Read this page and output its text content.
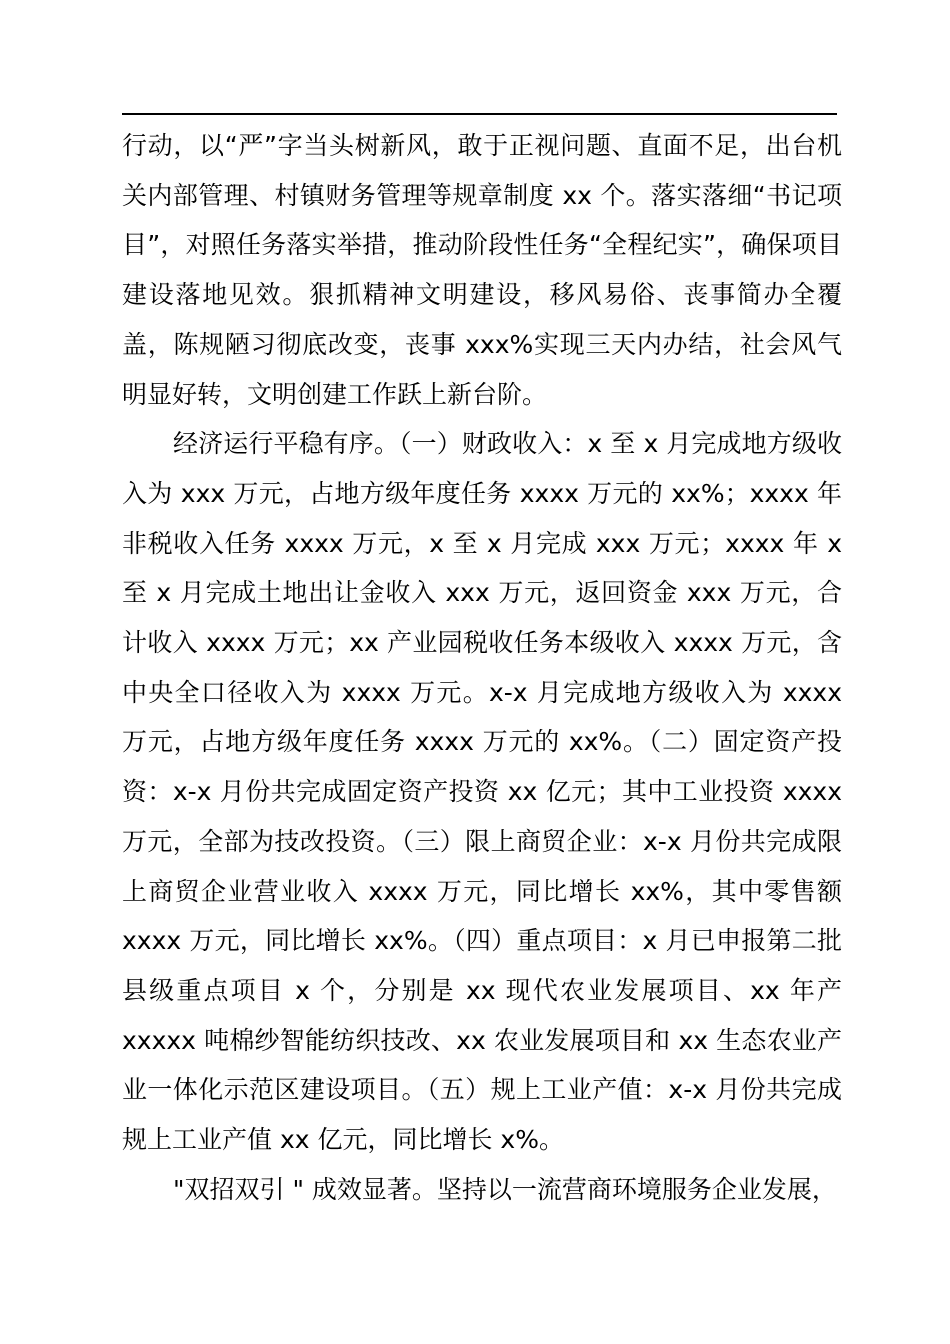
行动，以“严”字当头树新风，敢于正视问题、直面不足，出台机关内部管理、村镇财务管理等规章制度 xx 个。落实落细“书记项目”，对照任务落实举措，推动阶段性任务“全程纪实”，确保项目建设落地见效。狠抓精神文明建设，移风易俗、丧事简办全覆盖，陈规陋习彻底改变，丧事 xxx%实现三天内办结，社会风气明显好转，文明创建工作跃上新台阶。

经济运行平稳有序。（一）财政收入：x 至 x 月完成地方级收入为 xxx 万元，占地方级年度任务 xxxx 万元的 xx%；xxxx 年非税收入任务 xxxx 万元，x 至 x 月完成 xxx 万元；xxxx 年 x 至 x 月完成土地出让金收入 xxx 万元，返回资金 xxx 万元，合计收入 xxxx 万元；xx 产业园税收任务本级收入 xxxx 万元，含中央全口径收入为 xxxx 万元。x-x 月完成地方级收入为 xxxx 万元，占地方级年度任务 xxxx 万元的 xx%。（二）固定资产投资：x-x 月份共完成固定资产投资 xx 亿元；其中工业投资 xxxx 万元，全部为技改投资。（三）限上商贸企业：x-x 月份共完成限上商贸企业营业收入 xxxx 万元，同比增长 xx%，其中零售额 xxxx 万元，同比增长 xx%。（四）重点项目：x 月已申报第二批县级重点项目 x 个，分别是 xx 现代农业发展项目、xx 年产 xxxxx 吨棉纱智能纺织技改、xx 农业发展项目和 xx 生态农业产业一体化示范区建设项目。（五）规上工业产值：x-x 月份共完成规上工业产值 xx 亿元，同比增长 x%。

"双招双引 " 成效显著。坚持以一流营商环境服务企业发展，
